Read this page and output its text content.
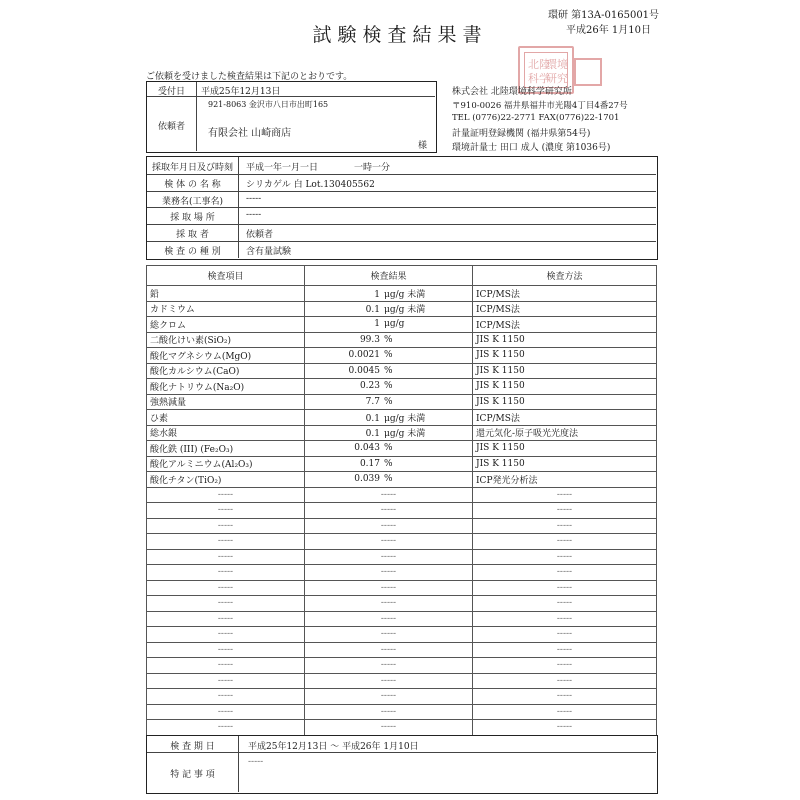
試験検査結果書
環研 第13A-0165001号
平成26年 1月10日
北陸
環境
科学
研究
ご依頼を受けました検査結果は下記のとおりです。
受付日	平成25年12月13日
依頼者
921-8063 金沢市八日市出町165
有限会社 山崎商店
様
株式会社 北陸環境科学研究所
〒910-0026 福井県福井市光陽4丁目4番27号
TEL (0776)22-2771 FAX(0776)22-1701
計量証明登録機関 (福井県第54号)
環境計量士 田口 成人 (濃度 第1036号)
採取年月日及び時刻	平成一年一月一日　　　　一時一分
検 体 の 名 称	シリカゲル 白 Lot.130405562
業務名(工事名)	-----
採 取 場 所	-----
採 取 者	依頼者
検 査 の 種 別	含有量試験
検査項目	検査結果	検査方法
鉛	1 μg/g 未満	ICP/MS法
カドミウム	0.1 μg/g 未満	ICP/MS法
総クロム	1 μg/g	ICP/MS法
二酸化けい素(SiO₂)	99.3 %	JIS K 1150
酸化マグネシウム(MgO)	0.0021 %	JIS K 1150
酸化カルシウム(CaO)	0.0045 %	JIS K 1150
酸化ナトリウム(Na₂O)	0.23 %	JIS K 1150
強熱減量	7.7 %	JIS K 1150
ひ素	0.1 μg/g 未満	ICP/MS法
総水銀	0.1 μg/g 未満	還元気化-原子吸光光度法
酸化鉄 (III) (Fe₂O₃)	0.043 %	JIS K 1150
酸化アルミニウム(Al₂O₃)	0.17 %	JIS K 1150
酸化チタン(TiO₂)	0.039 %	ICP発光分析法
-----	-----	-----
-----	-----	-----
-----	-----	-----
-----	-----	-----
-----	-----	-----
-----	-----	-----
-----	-----	-----
-----	-----	-----
-----	-----	-----
-----	-----	-----
-----	-----	-----
-----	-----	-----
-----	-----	-----
-----	-----	-----
-----	-----	-----
-----	-----	-----
検 査 期 日	平成25年12月13日 〜 平成26年 1月10日
特 記 事 項
-----
